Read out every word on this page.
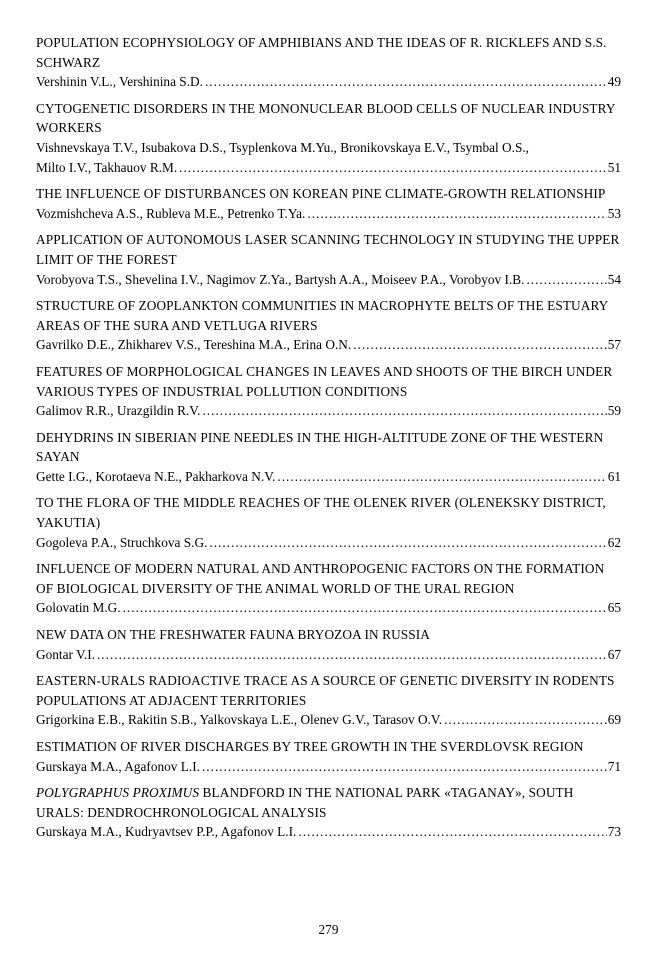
POPULATION ECOPHYSIOLOGY OF AMPHIBIANS AND THE IDEAS OF R. RICKLEFS AND S.S. SCHWARZ
Vershinin V.L., Vershinina S.D. .....	49
CYTOGENETIC DISORDERS IN THE MONONUCLEAR BLOOD CELLS OF NUCLEAR INDUSTRY WORKERS
Vishnevskaya T.V., Isubakova D.S., Tsyplenkova M.Yu., Bronikovskaya E.V., Tsymbal O.S.,
Milto I.V., Takhauov R.M. .....	51
THE INFLUENCE OF DISTURBANCES ON KOREAN PINE CLIMATE-GROWTH RELATIONSHIP
Vozmishcheva A.S., Rubleva M.E., Petrenko T.Ya. .....	53
APPLICATION OF AUTONOMOUS LASER SCANNING TECHNOLOGY IN STUDYING THE UPPER LIMIT OF THE FOREST
Vorobyova T.S., Shevelina I.V., Nagimov Z.Ya., Bartysh A.A., Moiseev P.A., Vorobyov I.B. .....	54
STRUCTURE OF ZOOPLANKTON COMMUNITIES IN MACROPHYTE BELTS OF THE ESTUARY AREAS OF THE SURA AND VETLUGA RIVERS
Gavrilko D.E., Zhikharev V.S., Tereshina M.A., Erina O.N. .....	57
FEATURES OF MORPHOLOGICAL CHANGES IN LEAVES AND SHOOTS OF THE BIRCH UNDER VARIOUS TYPES OF INDUSTRIAL POLLUTION CONDITIONS
Galimov R.R., Urazgildin R.V. .....	59
DEHYDRINS IN SIBERIAN PINE NEEDLES IN THE HIGH-ALTITUDE ZONE OF THE WESTERN SAYAN
Gette I.G., Korotaeva N.E., Pakharkova N.V. .....	61
TO THE FLORA OF THE MIDDLE REACHES OF THE OLENEK RIVER (OLENEKSKY DISTRICT, YAKUTIA)
Gogoleva P.A., Struchkova S.G. .....	62
INFLUENCE OF MODERN NATURAL AND ANTHROPOGENIC FACTORS ON THE FORMATION OF BIOLOGICAL DIVERSITY OF THE ANIMAL WORLD OF THE URAL REGION
Golovatin M.G. .....	65
NEW DATA ON THE FRESHWATER FAUNA BRYOZOA IN RUSSIA
Gontar V.I. .....	67
EASTERN-URALS RADIOACTIVE TRACE AS A SOURCE OF GENETIC DIVERSITY IN RODENTS POPULATIONS AT ADJACENT TERRITORIES
Grigorkina E.B., Rakitin S.B., Yalkovskaya L.E., Olenev G.V., Tarasov O.V. .....	69
ESTIMATION OF RIVER DISCHARGES BY TREE GROWTH IN THE SVERDLOVSK REGION
Gurskaya M.A., Agafonov L.I. .....	71
POLYGRAPHUS PROXIMUS BLANDFORD IN THE NATIONAL PARK «TAGANAY», SOUTH URALS: DENDROCHRONOLOGICAL ANALYSIS
Gurskaya M.A., Kudryavtsev P.P., Agafonov L.I. .....	73
279
